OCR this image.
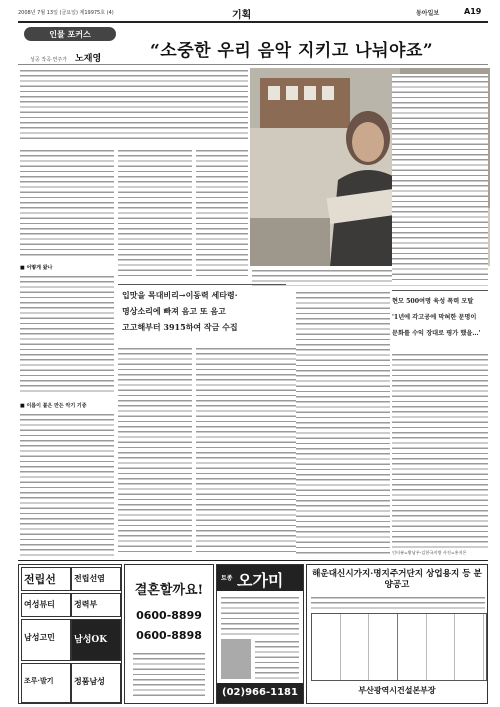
2008년 7월 13일 (금요일) 제19975호 (4)	기획	동아일보	A19
인물 포커스
성공 작곡·연주가 노재영	“소중한 우리 음악 지키고 나눠야죠”
■ 어떻게 왔나
■ 이름이 붙은 만든 악기 기증
입맛을 목대비리→이동력 세타령·
명상소리에 빠져 음고 또 음고
고고해부터 3915하여 작금 수집
현모 500여명 육성 폭력 모탈
'1년에 각고공에 막혀한 문명이
문화를 수익 장대로 평가 했을…'
인터뷰=황남우-김한국지방 사진=홍지은
전립선 전립선염
여성뷰티 정력부
남성고민 남성OK
조루·발기	정품남성
결혼할까요!
0600-8899
0600-8898
토종 오가미
(02)966-1181
해운대신시가지·명지주거단지 상업용지 등 분양공고
부산광역시건설본부장
